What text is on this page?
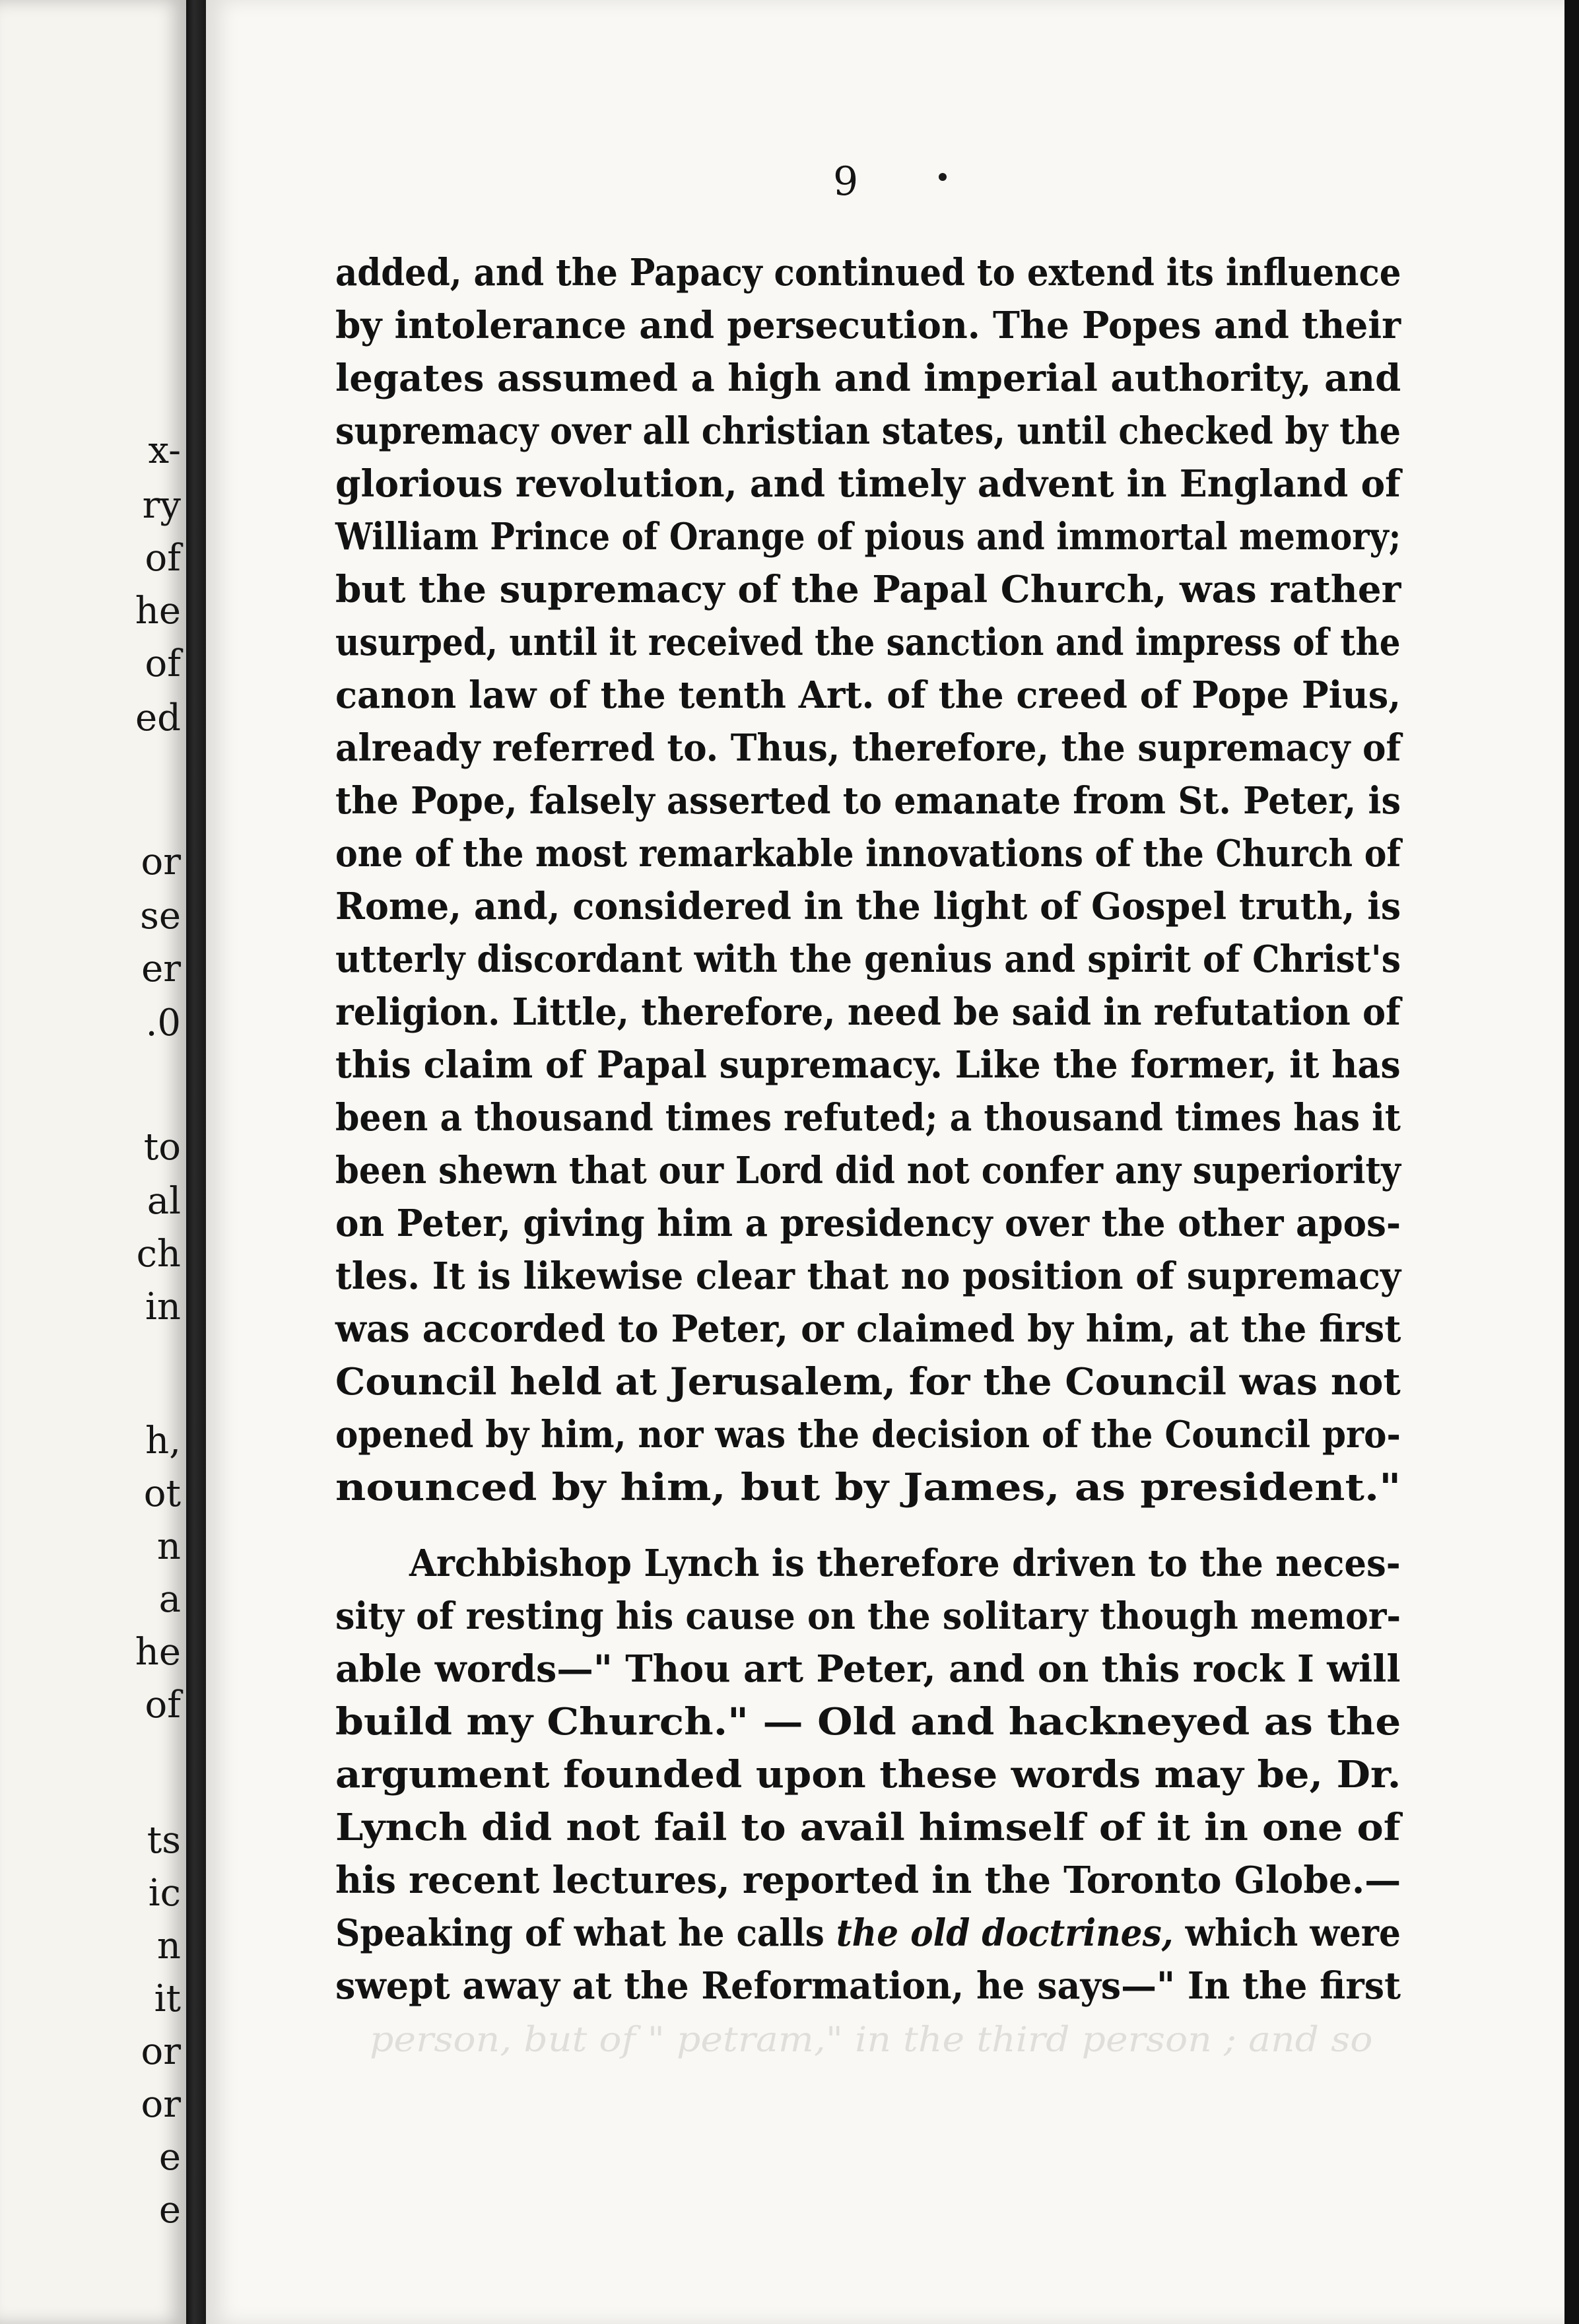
x-
ry
of
he
of
ed
or
se
er
.0
to
al
ch
in
h,
ot
n
a
he
of
ts
ic
n
it
or
or
e
e
9
added, and the Papacy continued to extend its influence
by intolerance and persecution. The Popes and their
legates assumed a high and imperial authority, and
supremacy over all christian states, until checked by the
glorious revolution, and timely advent in England of
William Prince of Orange of pious and immortal memory;
but the supremacy of the Papal Church, was rather
usurped, until it received the sanction and impress of the
canon law of the tenth Art. of the creed of Pope Pius,
already referred to. Thus, therefore, the supremacy of
the Pope, falsely asserted to emanate from St. Peter, is
one of the most remarkable innovations of the Church of
Rome, and, considered in the light of Gospel truth, is
utterly discordant with the genius and spirit of Christ's
religion. Little, therefore, need be said in refutation of
this claim of Papal supremacy. Like the former, it has
been a thousand times refuted; a thousand times has it
been shewn that our Lord did not confer any superiority
on Peter, giving him a presidency over the other apos-
tles. It is likewise clear that no position of supremacy
was accorded to Peter, or claimed by him, at the first
Council held at Jerusalem, for the Council was not
opened by him, nor was the decision of the Council pro-
nounced by him, but by James, as president."
Archbishop Lynch is therefore driven to the neces-
sity of resting his cause on the solitary though memor-
able words—" Thou art Peter, and on this rock I will
build my Church." — Old and hackneyed as the
argument founded upon these words may be, Dr.
Lynch did not fail to avail himself of it in one of
his recent lectures, reported in the Toronto Globe.—
Speaking of what he calls the old doctrines, which were
swept away at the Reformation, he says—" In the first
person, but of " petram," in the third person ; and so
